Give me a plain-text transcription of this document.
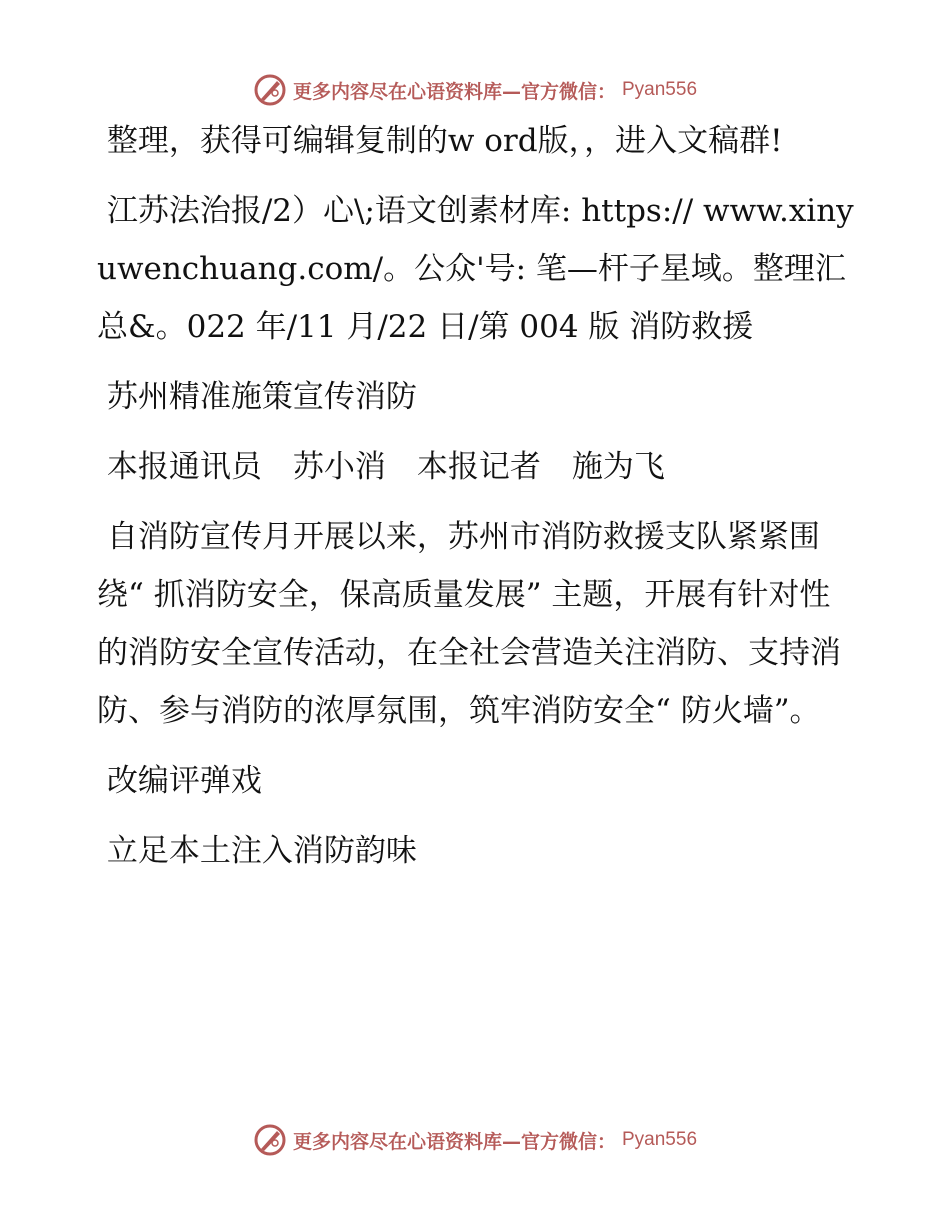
更多内容尽在心语资料库—官方微信： Pyan556

整理，获得可编辑复制的w ord版，，进入文稿群!

江苏法治报/2）心\;语文创素材库: https:// www.xinyuwenchuang.com/。公众'号: 笔—杆子星域。整理汇总&。022 年/11 月/22 日/第 004 版 消防救援

苏州精准施策宣传消防

本报通讯员　苏小消　本报记者　施为飞

自消防宣传月开展以来，苏州市消防救援支队紧紧围绕“ 抓消防安全，保高质量发展” 主题，开展有针对性的消防安全宣传活动，在全社会营造关注消防、支持消防、参与消防的浓厚氛围，筑牢消防安全“ 防火墙”。

改编评弹戏

立足本土注入消防韵味

更多内容尽在心语资料库—官方微信： Pyan556
